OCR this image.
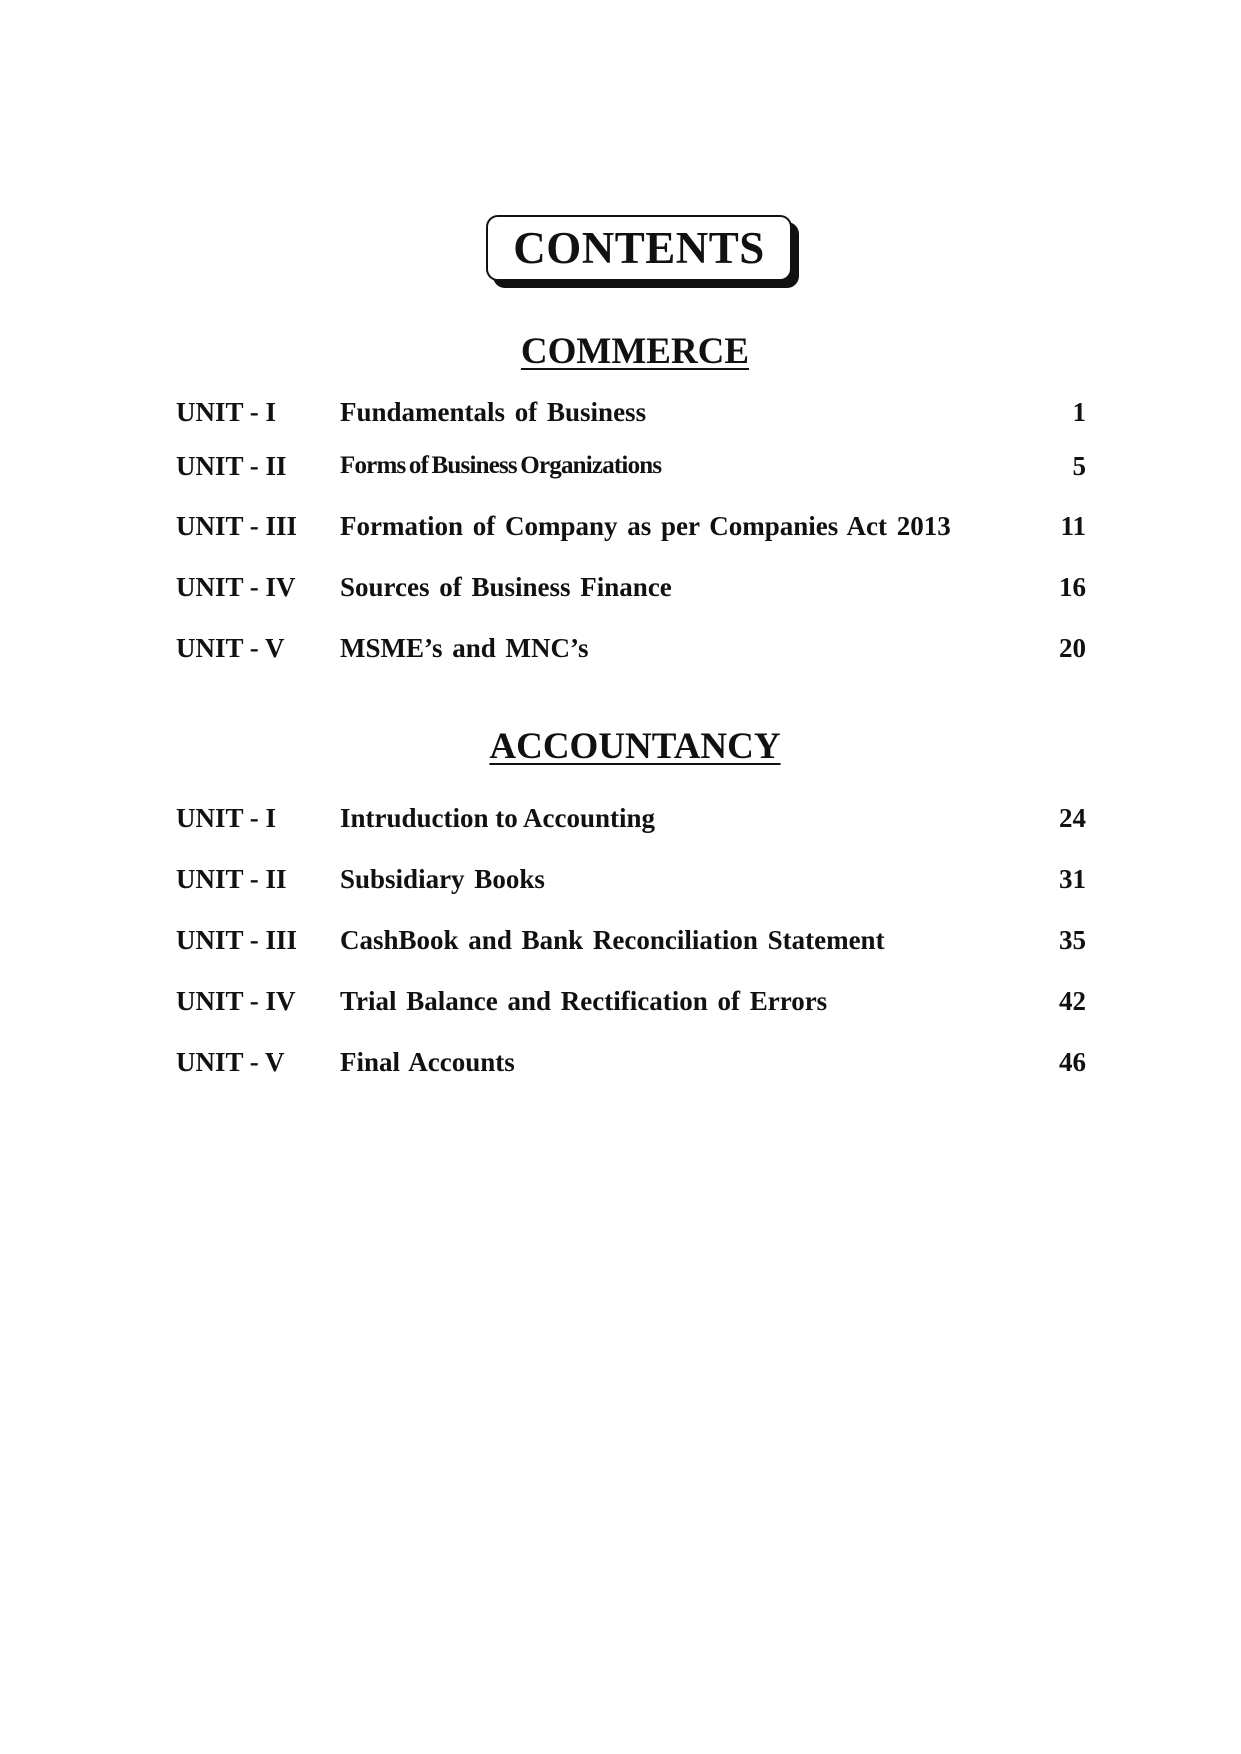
CONTENTS
COMMERCE
UNIT - I Fundamentals of Business	1
UNIT - II Forms of Business Organizations	5
UNIT - III Formation of Company as per Companies Act 2013	11
UNIT - IV Sources of Business Finance	16
UNIT - V MSME’s and MNC’s	20
ACCOUNTANCY
UNIT - I Intruduction to Accounting	24
UNIT - II Subsidiary Books	31
UNIT - III CashBook and Bank Reconciliation Statement	35
UNIT - IV Trial Balance and Rectification of Errors	42
UNIT - V Final Accounts	46
